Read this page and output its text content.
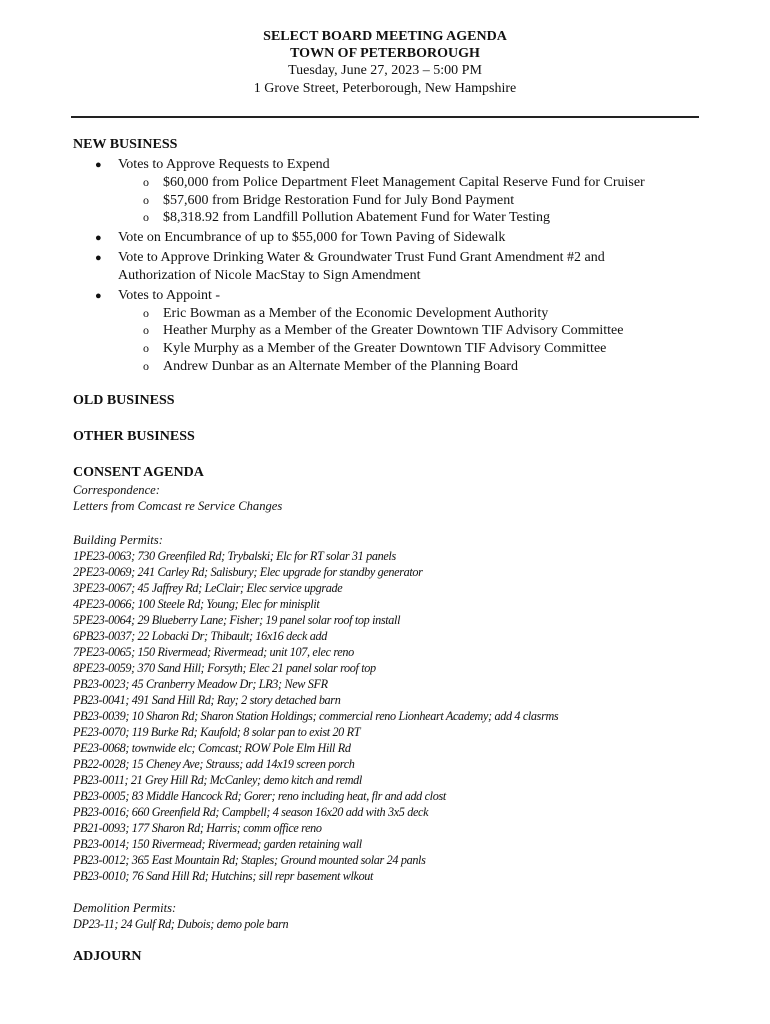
SELECT BOARD MEETING AGENDA
TOWN OF PETERBOROUGH
Tuesday, June 27, 2023 – 5:00 PM
1 Grove Street, Peterborough, New Hampshire
NEW BUSINESS
● Votes to Approve Requests to Expend
o $60,000 from Police Department Fleet Management Capital Reserve Fund for Cruiser
o $57,600 from Bridge Restoration Fund for July Bond Payment
o $8,318.92 from Landfill Pollution Abatement Fund for Water Testing
● Vote on Encumbrance of up to $55,000 for Town Paving of Sidewalk
● Vote to Approve Drinking Water & Groundwater Trust Fund Grant Amendment #2 and
Authorization of Nicole MacStay to Sign Amendment
● Votes to Appoint -
o Eric Bowman as a Member of the Economic Development Authority
o Heather Murphy as a Member of the Greater Downtown TIF Advisory Committee
o Kyle Murphy as a Member of the Greater Downtown TIF Advisory Committee
o Andrew Dunbar as an Alternate Member of the Planning Board
OLD BUSINESS
OTHER BUSINESS
CONSENT AGENDA
Correspondence:
Letters from Comcast re Service Changes
Building Permits:
1PE23-0063; 730 Greenfiled Rd; Trybalski; Elc for RT solar 31 panels
2PE23-0069; 241 Carley Rd; Salisbury; Elec upgrade for standby generator
3PE23-0067; 45 Jaffrey Rd; LeClair; Elec service upgrade
4PE23-0066; 100 Steele Rd; Young; Elec for minisplit
5PE23-0064; 29 Blueberry Lane; Fisher; 19 panel solar roof top install
6PB23-0037; 22 Lobacki Dr; Thibault; 16x16 deck add
7PE23-0065; 150 Rivermead; Rivermead; unit 107, elec reno
8PE23-0059; 370 Sand Hill; Forsyth; Elec 21 panel solar roof top
PB23-0023; 45 Cranberry Meadow Dr; LR3; New SFR
PB23-0041; 491 Sand Hill Rd; Ray; 2 story detached barn
PB23-0039; 10 Sharon Rd; Sharon Station Holdings; commercial reno Lionheart Academy; add 4 clasrms
PE23-0070; 119 Burke Rd; Kaufold; 8 solar pan to exist 20 RT
PE23-0068; townwide elc; Comcast; ROW Pole Elm Hill Rd
PB22-0028; 15 Cheney Ave; Strauss; add 14x19 screen porch
PB23-0011; 21 Grey Hill Rd; McCanley; demo kitch and remdl
PB23-0005; 83 Middle Hancock Rd; Gorer; reno including heat, flr and add clost
PB23-0016; 660 Greenfield Rd; Campbell; 4 season 16x20 add with 3x5 deck
PB21-0093; 177 Sharon Rd; Harris; comm office reno
PB23-0014; 150 Rivermead; Rivermead; garden retaining wall
PB23-0012; 365 East Mountain Rd; Staples; Ground mounted solar 24 panls
PB23-0010; 76 Sand Hill Rd; Hutchins; sill repr basement wlkout
Demolition Permits:
DP23-11; 24 Gulf Rd; Dubois; demo pole barn
ADJOURN
